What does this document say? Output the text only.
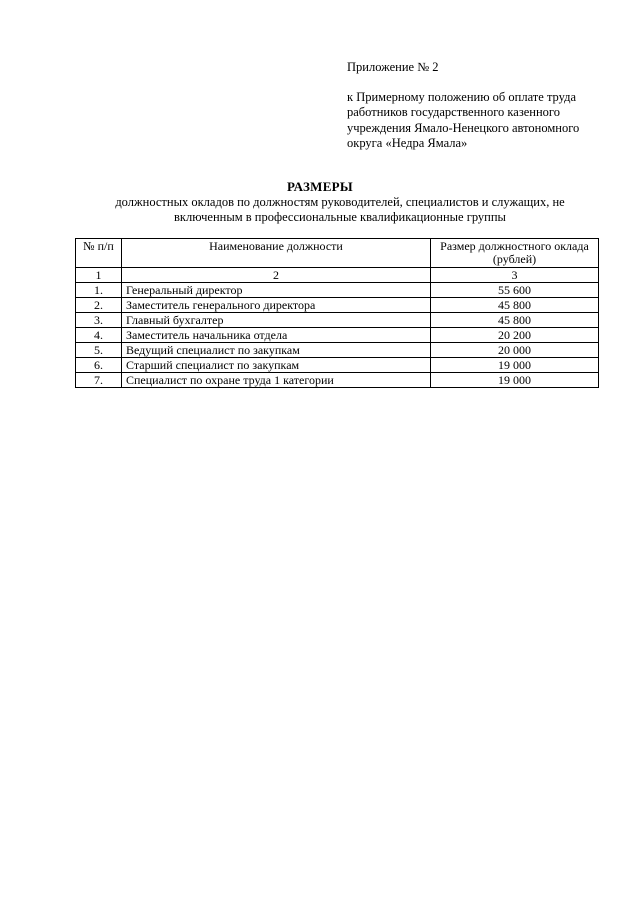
Приложение № 2
к Примерному положению об оплате труда
работников государственного казенного
учреждения Ямало-Ненецкого автономного
округа «Недра Ямала»
РАЗМЕРЫ
должностных окладов по должностям руководителей, специалистов и служащих, не
включенным в профессиональные квалификационные группы
№ п/п	Наименование должности	Размер должностного оклада (рублей)
1	2	3
1.	Генеральный директор	55 600
2.	Заместитель генерального директора	45 800
3.	Главный бухгалтер	45 800
4.	Заместитель начальника отдела	20 200
5.	Ведущий специалист по закупкам	20 000
6.	Старший специалист по закупкам	19 000
7.	Специалист по охране труда 1 категории	19 000
